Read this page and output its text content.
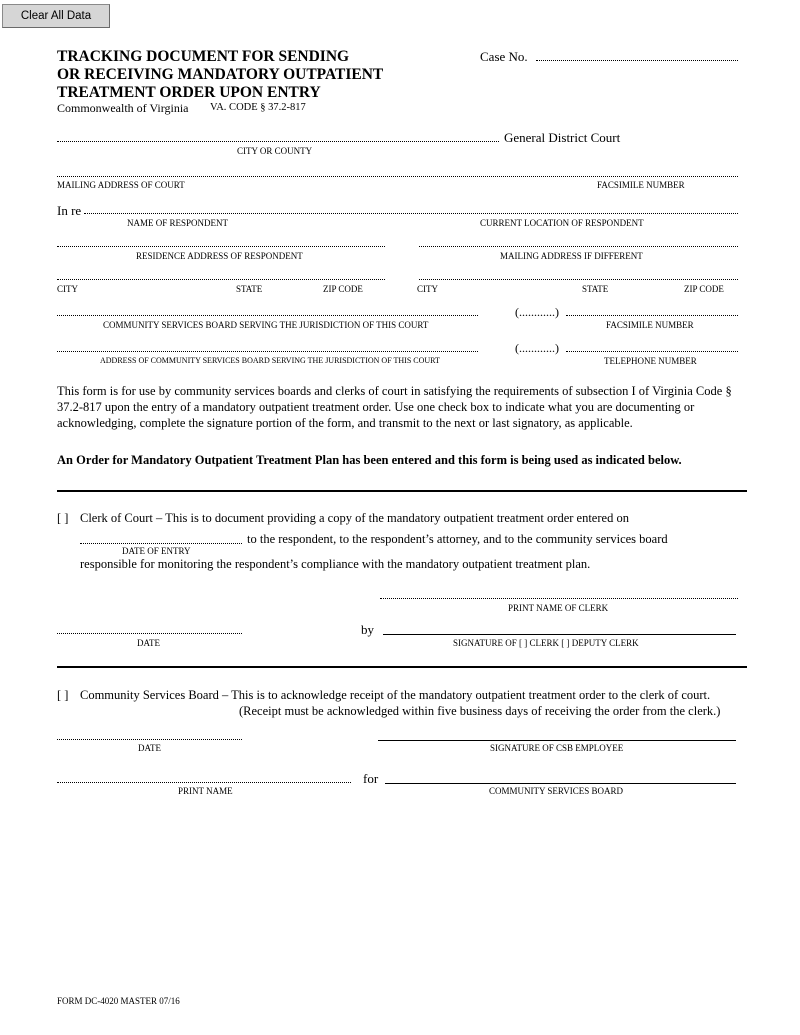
Clear All Data
TRACKING DOCUMENT FOR SENDING
OR RECEIVING MANDATORY OUTPATIENT
TREATMENT ORDER UPON ENTRY
Commonwealth of Virginia VA. CODE § 37.2-817
Case No.
General District Court
CITY OR COUNTY
MAILING ADDRESS OF COURT	FACSIMILE NUMBER
In re
NAME OF RESPONDENT	CURRENT LOCATION OF RESPONDENT
RESIDENCE ADDRESS OF RESPONDENT	MAILING ADDRESS IF DIFFERENT
CITY	STATE	ZIP CODE	CITY	STATE	ZIP CODE
(............)
COMMUNITY SERVICES BOARD SERVING THE JURISDICTION OF THIS COURT	FACSIMILE NUMBER
(............)
ADDRESS OF COMMUNITY SERVICES BOARD SERVING THE JURISDICTION OF THIS COURT	TELEPHONE NUMBER
This form is for use by community services boards and clerks of court in satisfying the requirements of subsection I of Virginia Code § 37.2-817 upon the entry of a mandatory outpatient treatment order. Use one check box to indicate what you are documenting or acknowledging, complete the signature portion of the form, and transmit to the next or last signatory, as applicable.
An Order for Mandatory Outpatient Treatment Plan has been entered and this form is being used as indicated below.
[ ] Clerk of Court – This is to document providing a copy of the mandatory outpatient treatment order entered on
to the respondent, to the respondent’s attorney, and to the community services board
DATE OF ENTRY
responsible for monitoring the respondent’s compliance with the mandatory outpatient treatment plan.
PRINT NAME OF CLERK
by
DATE	SIGNATURE OF [ ] CLERK [ ] DEPUTY CLERK
[ ] Community Services Board – This is to acknowledge receipt of the mandatory outpatient treatment order to the clerk of court.
(Receipt must be acknowledged within five business days of receiving the order from the clerk.)
DATE	SIGNATURE OF CSB EMPLOYEE
for
PRINT NAME	COMMUNITY SERVICES BOARD
FORM DC-4020 MASTER 07/16
